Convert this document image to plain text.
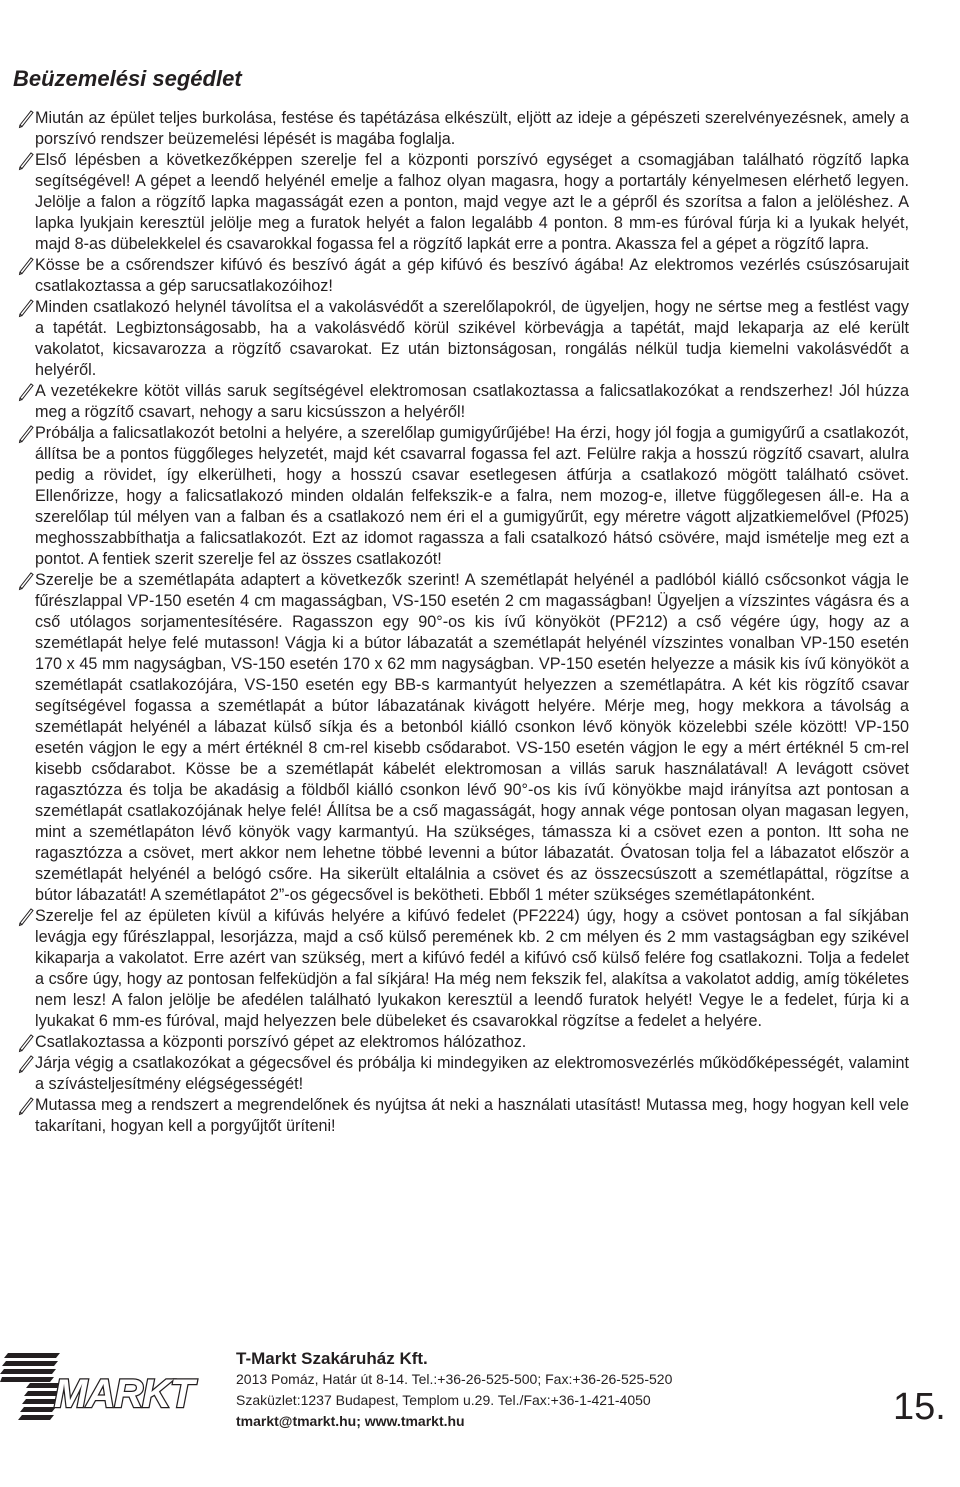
Beüzemelési segédlet

Miután az épület teljes burkolása, festése és tapétázása elkészült, eljött az ideje a gépészeti szerelvényezésnek, amely a porszívó rendszer beüzemelési lépését is magába foglalja.

Első lépésben a következőképpen szerelje fel a központi porszívó egységet a csomagjában található rögzítő lapka segítségével! A gépet a leendő helyénél emelje a falhoz olyan magasra, hogy a portartály kényelmesen elérhető legyen. Jelölje a falon a rögzítő lapka magasságát ezen a ponton, majd vegye azt le a gépről és szorítsa a falon a jelöléshez. A lapka lyukjain keresztül jelölje meg a furatok helyét a falon legalább 4 ponton. 8 mm-es fúróval fúrja ki a lyukak helyét, majd 8-as dübelekkelel és csavarokkal fogassa fel a rögzítő lapkát erre a pontra. Akassza fel a gépet a rögzítő lapra.

Kösse be a csőrendszer kifúvó és beszívó ágát a gép kifúvó és beszívó ágába! Az elektromos vezérlés csúszósarujait csatlakoztassa a gép sarucsatlakozóihoz!

Minden csatlakozó helynél távolítsa el a vakolásvédőt a szerelőlapokról, de ügyeljen, hogy ne sértse meg a festlést vagy a tapétát. Legbiztonságosabb, ha a vakolásvédő körül szikével körbevágja a tapétát, majd lekaparja az elé került vakolatot, kicsavarozza a rögzítő csavarokat. Ez után biztonságosan, rongálás nélkül tudja kiemelni vakolásvédőt a helyéről.

A vezetékekre kötöt villás saruk segítségével elektromosan csatlakoztassa a falicsatlakozókat a rendszerhez! Jól húzza meg a rögzítő csavart, nehogy a saru kicsússzon a helyéről!

Próbálja a falicsatlakozót betolni a helyére, a szerelőlap gumigyűrűjébe! Ha érzi, hogy jól fogja a gumigyűrű a csatlakozót, állítsa be a pontos függőleges helyzetét, majd két csavarral fogassa fel azt. Felülre rakja a hosszú rögzítő csavart, alulra pedig a rövidet, így elkerülheti, hogy a hosszú csavar esetlegesen átfúrja a csatlakozó mögött található csövet. Ellenőrizze, hogy a falicsatlakozó minden oldalán felfekszik-e a falra, nem mozog-e, illetve függőlegesen áll-e. Ha a szerelőlap túl mélyen van a falban és a csatlakozó nem éri el a gumigyűrűt, egy méretre vágott aljzatkiemelővel (Pf025) meghosszabbíthatja a falicsatlakozót. Ezt az idomot ragassza a fali csatalkozó hátsó csövére, majd ismételje meg ezt a pontot. A fentiek szerit szerelje fel az összes csatlakozót!

Szerelje be a szemétlapáta adaptert a következők szerint! A szemétlapát helyénél a padlóból kiálló csőcsonkot vágja le fűrészlappal VP-150 esetén 4 cm magasságban, VS-150 esetén 2 cm magasságban! Ügyeljen a vízszintes vágásra és a cső utólagos sorjamentesítésére. Ragasszon egy 90°-os kis ívű könyököt (PF212) a cső végére úgy, hogy az a szemétlapát helye felé mutasson! Vágja ki a bútor lábazatát a szemétlapát helyénél vízszintes vonalban VP-150 esetén 170 x 45 mm nagyságban, VS-150 esetén 170 x 62 mm nagyságban. VP-150 esetén helyezze a másik kis ívű könyököt a szemétlapát csatlakozójára, VS-150 esetén egy BB-s karmantyút helyezzen a szemétlapátra. A két kis rögzítő csavar segítségével fogassa a szemétlapát a bútor lábazatának kivágott helyére. Mérje meg, hogy mekkora a távolság a szemétlapát helyénél a lábazat külső síkja és a betonból kiálló csonkon lévő könyök közelebbi széle között! VP-150 esetén vágjon le egy a mért értéknél 8 cm-rel kisebb csődarabot. VS-150 esetén vágjon le egy a mért értéknél 5 cm-rel kisebb csődarabot. Kösse be a szemétlapát kábelét elektromosan a villás saruk használatával! A levágott csövet ragasztózza és tolja be akadásig a földből kiálló csonkon lévő 90°-os kis ívű könyökbe majd irányítsa azt pontosan a szemétlapát csatlakozójának helye felé! Állítsa be a cső magasságát, hogy annak vége pontosan olyan magasan legyen, mint a szemétlapáton lévő könyök vagy karmantyú. Ha szükséges, támassza ki a csövet ezen a ponton. Itt soha ne ragasztózza a csövet, mert akkor nem lehetne többé levenni a bútor lábazatát. Óvatosan tolja fel a lábazatot először a szemétlapát helyénél a belógó csőre. Ha sikerült eltalálnia a csövet és az összecsúszott a szemétlapáttal, rögzítse a bútor lábazatát! A szemétlapátot 2”-os gégecsővel is bekötheti. Ebből 1 méter szükséges szemétlapátonként.

Szerelje fel az épületen kívül a kifúvás helyére a kifúvó fedelet (PF2224) úgy, hogy a csövet pontosan a fal síkjában levágja egy fűrészlappal, lesorjázza, majd a cső külső peremének kb. 2 cm mélyen és 2 mm vastagságban egy szikével kikaparja a vakolatot. Erre azért van szükség, mert a kifúvó fedél a kifúvó cső külső felére fog csatlakozni. Tolja a fedelet a csőre úgy, hogy az pontosan felfeküdjön a fal síkjára! Ha még nem fekszik fel, alakítsa a vakolatot addig, amíg tökéletes nem lesz! A falon jelölje be afedélen található lyukakon keresztül a leendő furatok helyét! Vegye le a fedelet, fúrja ki a lyukakat 6 mm-es fúróval, majd helyezzen bele dübeleket és csavarokkal rögzítse a fedelet a helyére.

Csatlakoztassa a központi porszívó gépet az elektromos hálózathoz.

Járja végig a csatlakozókat a gégecsővel és próbálja ki mindegyiken az elektromosvezérlés működőképességét, valamint a szívásteljesítmény elégségességét!

Mutassa meg a rendszert a megrendelőnek és nyújtsa át neki a használati utasítást! Mutassa meg, hogy hogyan kell vele takarítani, hogyan kell a porgyűjtőt üríteni!

MARKT
T-Markt Szakáruház Kft.
2013 Pomáz, Határ út 8-14. Tel.:+36-26-525-500; Fax:+36-26-525-520
Szaküzlet:1237 Budapest, Templom u.29. Tel./Fax:+36-1-421-4050
tmarkt@tmarkt.hu; www.tmarkt.hu	15.
